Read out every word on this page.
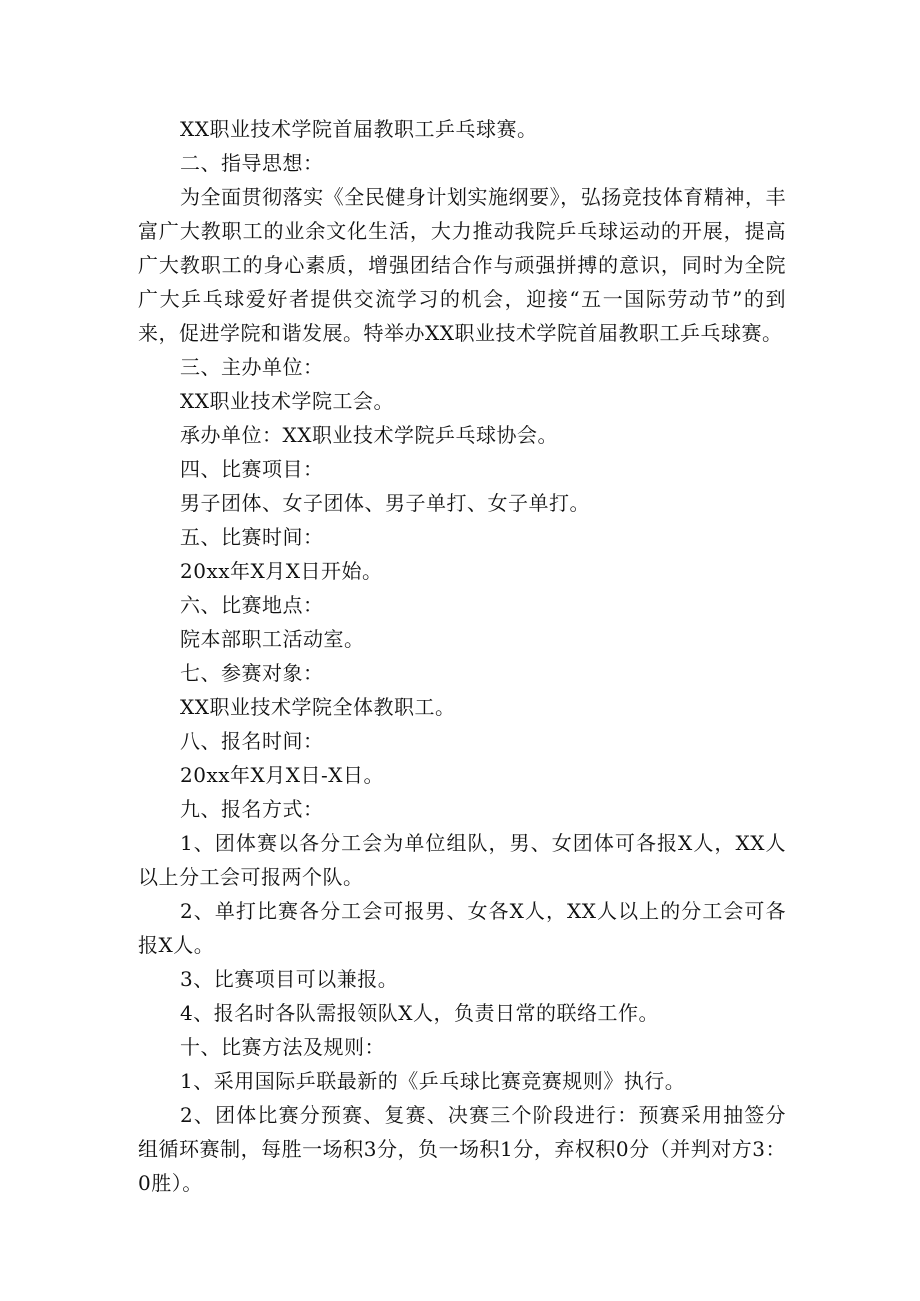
XX职业技术学院首届教职工乒乓球赛。

二、指导思想：

为全面贯彻落实《全民健身计划实施纲要》，弘扬竞技体育精神，丰富广大教职工的业余文化生活，大力推动我院乒乓球运动的开展，提高广大教职工的身心素质，增强团结合作与顽强拼搏的意识，同时为全院广大乒乓球爱好者提供交流学习的机会，迎接“五一国际劳动节”的到来，促进学院和谐发展。特举办XX职业技术学院首届教职工乒乓球赛。

三、主办单位：

XX职业技术学院工会。

承办单位：XX职业技术学院乒乓球协会。

四、比赛项目：

男子团体、女子团体、男子单打、女子单打。

五、比赛时间：

20xx年X月X日开始。

六、比赛地点：

院本部职工活动室。

七、参赛对象：

XX职业技术学院全体教职工。

八、报名时间：

20xx年X月X日-X日。

九、报名方式：

1、团体赛以各分工会为单位组队，男、女团体可各报X人，XX人以上分工会可报两个队。

2、单打比赛各分工会可报男、女各X人，XX人以上的分工会可各报X人。

3、比赛项目可以兼报。

4、报名时各队需报领队X人，负责日常的联络工作。

十、比赛方法及规则：

1、采用国际乒联最新的《乒乓球比赛竞赛规则》执行。

2、团体比赛分预赛、复赛、决赛三个阶段进行：预赛采用抽签分组循环赛制，每胜一场积3分，负一场积1分，弃权积0分（并判对方3：0胜）。
